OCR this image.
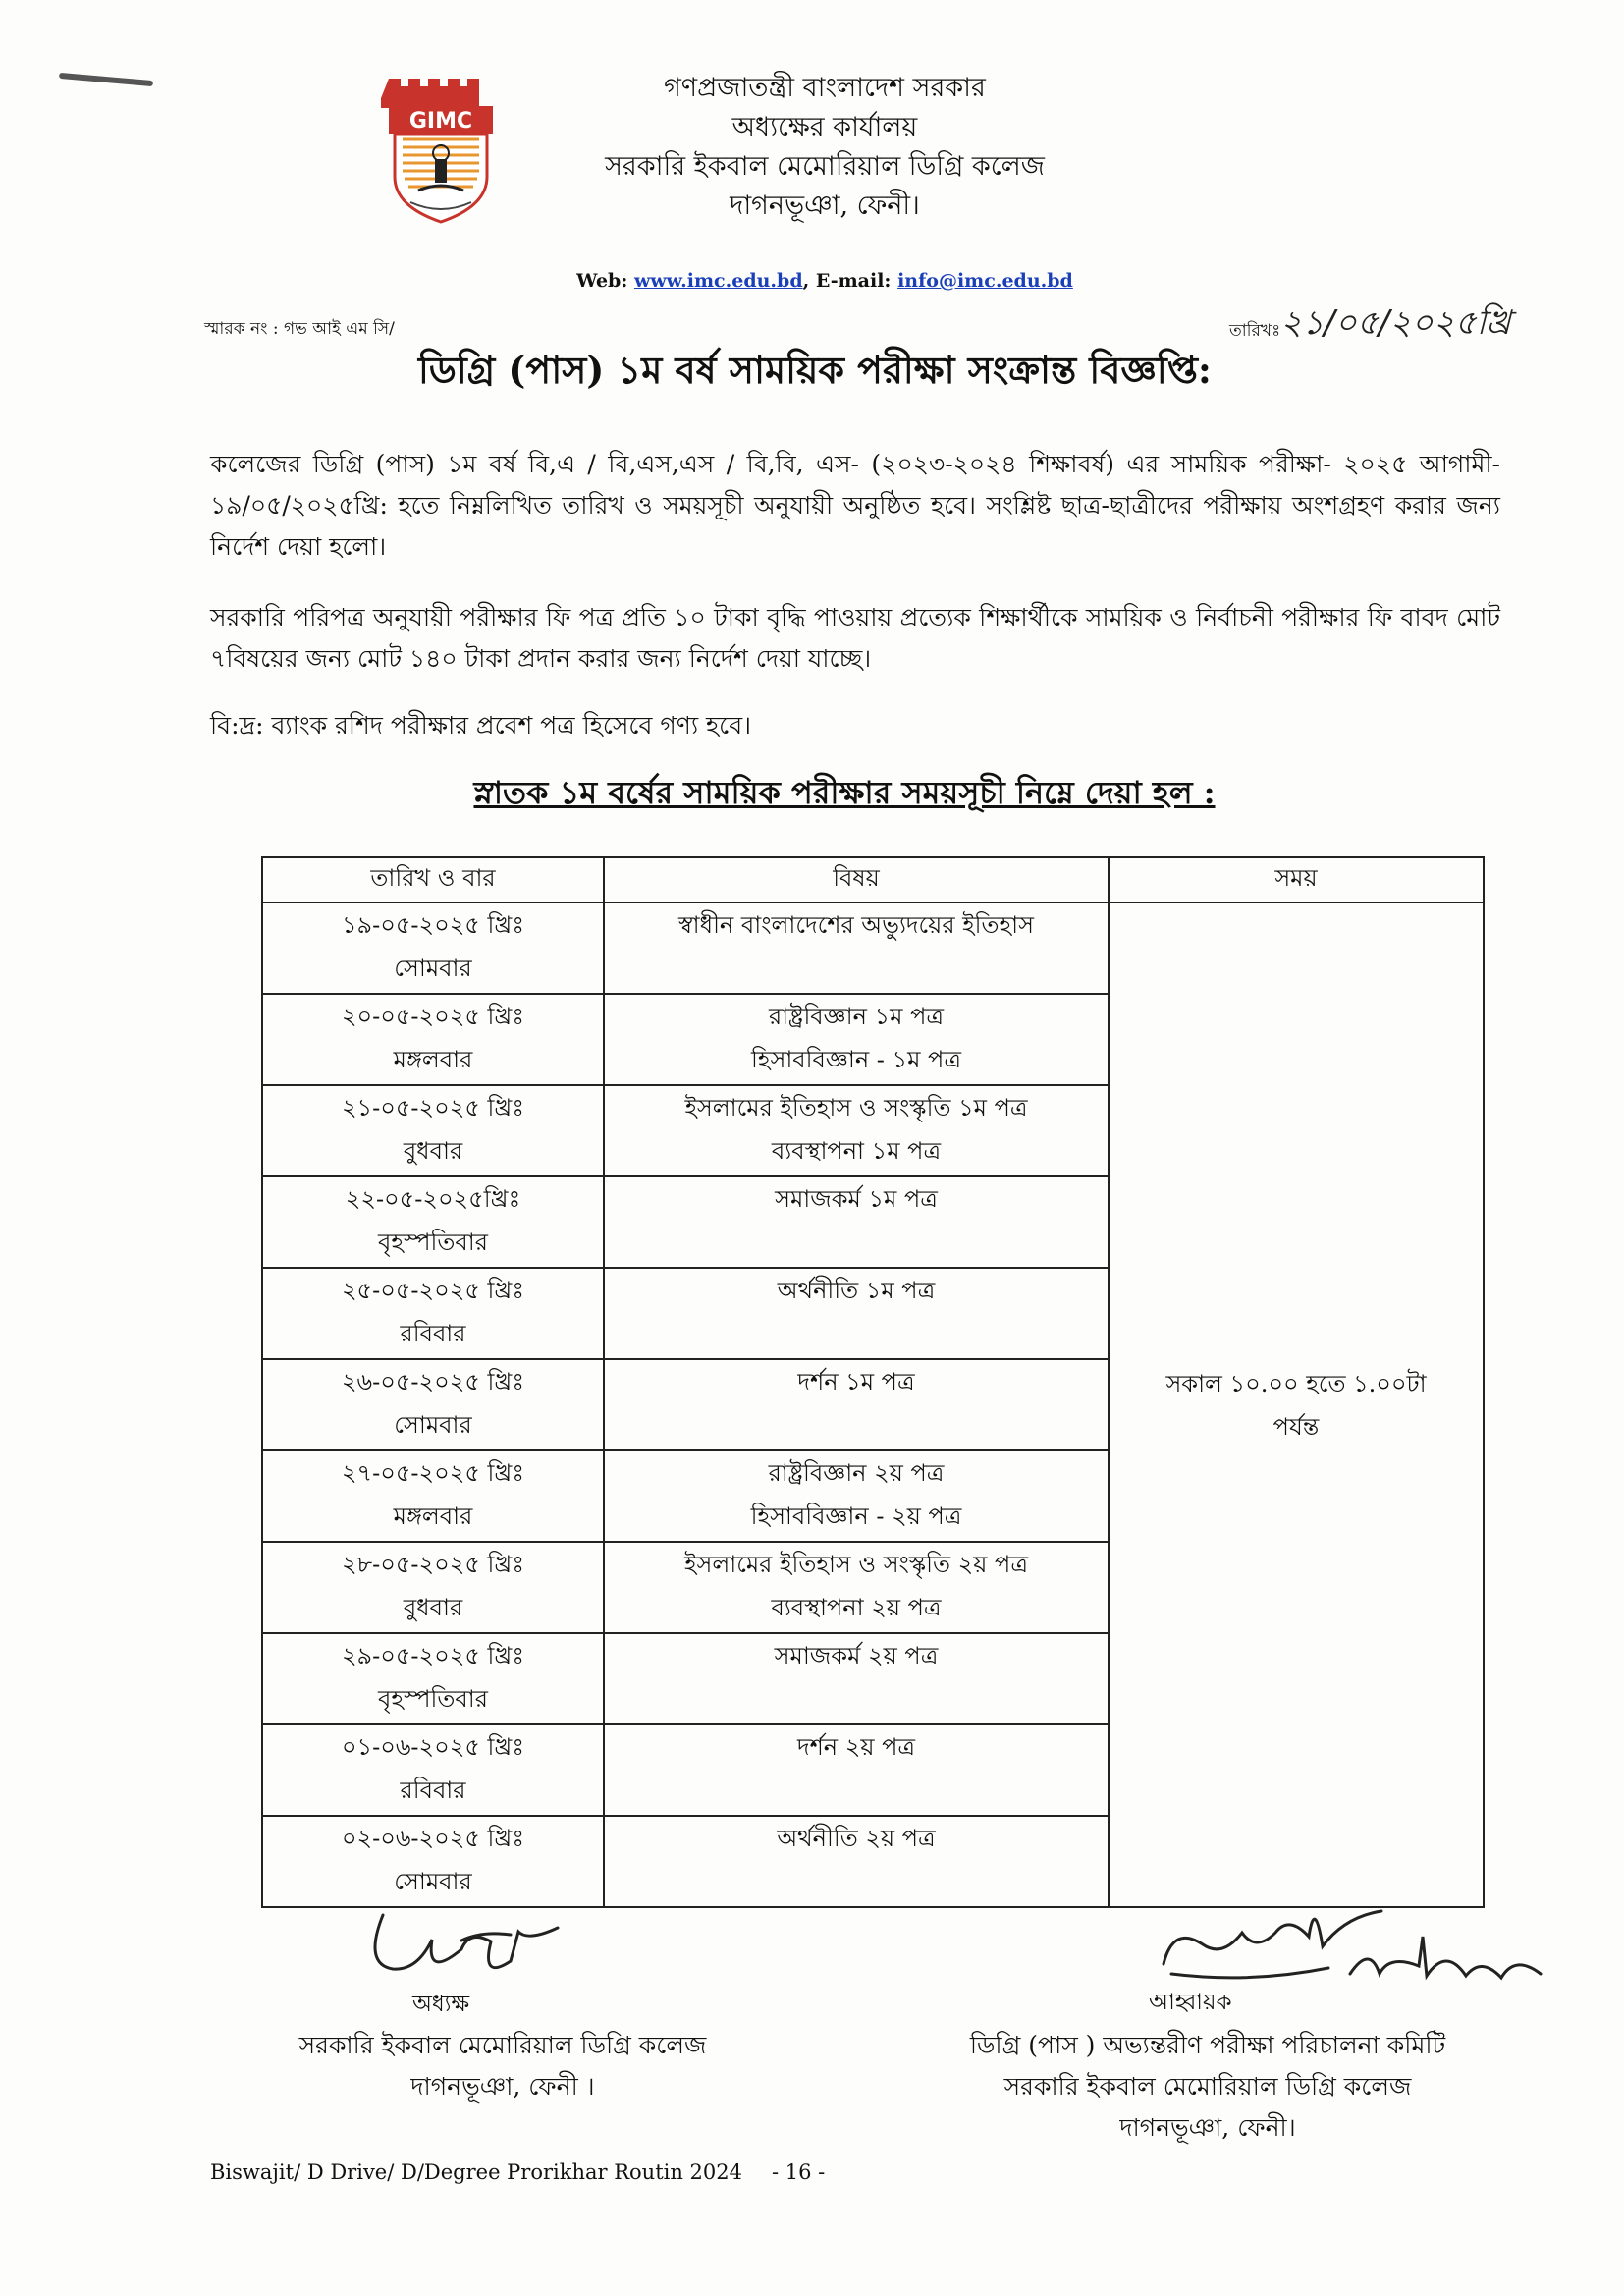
GIMC
গণপ্রজাতন্ত্রী বাংলাদেশ সরকার
অধ্যক্ষের কার্যালয়
সরকারি ইকবাল মেমোরিয়াল ডিগ্রি কলেজ
দাগনভূঞা, ফেনী।
Web: www.imc.edu.bd, E-mail: info@imc.edu.bd
স্মারক নং : গভ আই এম সি/	তারিখঃ ২১/০৫/২০২৫খ্রি
ডিগ্রি (পাস) ১ম বর্ষ সাময়িক পরীক্ষা সংক্রান্ত বিজ্ঞপ্তি:

কলেজের ডিগ্রি (পাস) ১ম বর্ষ বি,এ / বি,এস,এস / বি,বি, এস- (২০২৩-২০২৪ শিক্ষাবর্ষ) এর সাময়িক পরীক্ষা- ২০২৫ আগামী- ১৯/০৫/২০২৫খ্রি: হতে নিম্নলিখিত তারিখ ও সময়সূচী অনুযায়ী অনুষ্ঠিত হবে। সংশ্লিষ্ট ছাত্র-ছাত্রীদের পরীক্ষায় অংশগ্রহণ করার জন্য নির্দেশ দেয়া হলো।

সরকারি পরিপত্র অনুযায়ী পরীক্ষার ফি পত্র প্রতি ১০ টাকা বৃদ্ধি পাওয়ায় প্রত্যেক শিক্ষার্থীকে সাময়িক ও নির্বাচনী পরীক্ষার ফি বাবদ মোট ৭বিষয়ের জন্য মোট ১৪০ টাকা প্রদান করার জন্য নির্দেশ দেয়া যাচ্ছে।

বি:দ্র: ব্যাংক রশিদ পরীক্ষার প্রবেশ পত্র হিসেবে গণ্য হবে।

স্নাতক ১ম বর্ষের সাময়িক পরীক্ষার সময়সূচী নিম্নে দেয়া হল :
তারিখ ও বার	বিষয়	সময়

১৯-০৫-২০২৫ খ্রিঃ
সোমবার	স্বাধীন বাংলাদেশের অভ্যুদয়ের ইতিহাস	সকাল ১০.০০ হতে ১.০০টা
পর্যন্ত

২০-০৫-২০২৫ খ্রিঃ
মঙ্গলবার	রাষ্ট্রবিজ্ঞান ১ম পত্র
হিসাববিজ্ঞান - ১ম পত্র	

২১-০৫-২০২৫ খ্রিঃ
বুধবার	ইসলামের ইতিহাস ও সংস্কৃতি ১ম পত্র
ব্যবস্থাপনা ১ম পত্র	

২২-০৫-২০২৫খ্রিঃ
বৃহস্পতিবার	সমাজকর্ম ১ম পত্র	

২৫-০৫-২০২৫ খ্রিঃ
রবিবার	অর্থনীতি ১ম পত্র	

২৬-০৫-২০২৫ খ্রিঃ
সোমবার	দর্শন ১ম পত্র	

২৭-০৫-২০২৫ খ্রিঃ
মঙ্গলবার	রাষ্ট্রবিজ্ঞান ২য় পত্র
হিসাববিজ্ঞান - ২য় পত্র	

২৮-০৫-২০২৫ খ্রিঃ
বুধবার	ইসলামের ইতিহাস ও সংস্কৃতি ২য় পত্র
ব্যবস্থাপনা ২য় পত্র	

২৯-০৫-২০২৫ খ্রিঃ
বৃহস্পতিবার	সমাজকর্ম ২য় পত্র	

০১-০৬-২০২৫ খ্রিঃ
রবিবার	দর্শন ২য় পত্র	

০২-০৬-২০২৫ খ্রিঃ
সোমবার	অর্থনীতি ২য় পত্র	
অধ্যক্ষ
সরকারি ইকবাল মেমোরিয়াল ডিগ্রি কলেজ
দাগনভূঞা, ফেনী ।
আহ্বায়ক
ডিগ্রি (পাস ) অভ্যন্তরীণ পরীক্ষা পরিচালনা কমিটি
সরকারি ইকবাল মেমোরিয়াল ডিগ্রি কলেজ
দাগনভূঞা, ফেনী।
Biswajit/ D Drive/ D/Degree Prorikhar Routin 2024 - 16 -
